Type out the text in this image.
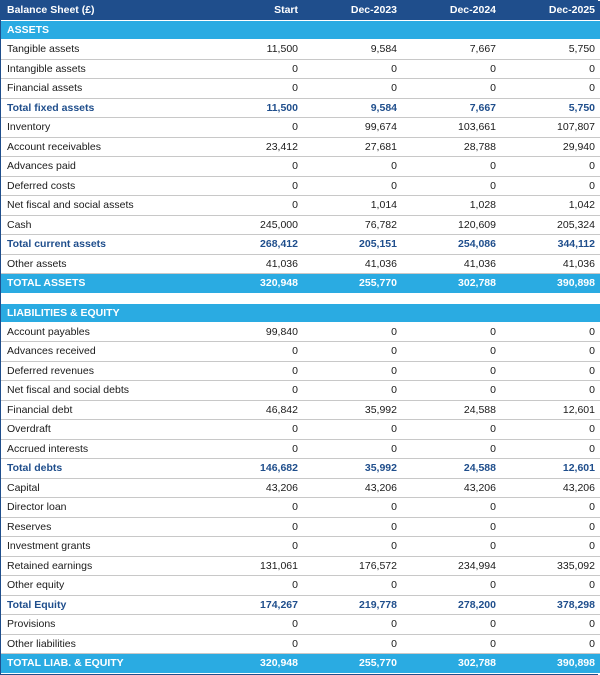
Balance Sheet (£)	Start	Dec-2023	Dec-2024	Dec-2025
ASSETS				
Tangible assets	11,500	9,584	7,667	5,750
Intangible assets	0	0	0	0
Financial assets	0	0	0	0
Total fixed assets	11,500	9,584	7,667	5,750
Inventory	0	99,674	103,661	107,807
Account receivables	23,412	27,681	28,788	29,940
Advances paid	0	0	0	0
Deferred costs	0	0	0	0
Net fiscal and social assets	0	1,014	1,028	1,042
Cash	245,000	76,782	120,609	205,324
Total current assets	268,412	205,151	254,086	344,112
Other assets	41,036	41,036	41,036	41,036
TOTAL ASSETS	320,948	255,770	302,788	390,898

LIABILITIES & EQUITY				
Account payables	99,840	0	0	0
Advances received	0	0	0	0
Deferred revenues	0	0	0	0
Net fiscal and social debts	0	0	0	0
Financial debt	46,842	35,992	24,588	12,601
Overdraft	0	0	0	0
Accrued interests	0	0	0	0
Total debts	146,682	35,992	24,588	12,601
Capital	43,206	43,206	43,206	43,206
Director loan	0	0	0	0
Reserves	0	0	0	0
Investment grants	0	0	0	0
Retained earnings	131,061	176,572	234,994	335,092
Other equity	0	0	0	0
Total Equity	174,267	219,778	278,200	378,298
Provisions	0	0	0	0
Other liabilities	0	0	0	0
TOTAL LIAB. & EQUITY	320,948	255,770	302,788	390,898
